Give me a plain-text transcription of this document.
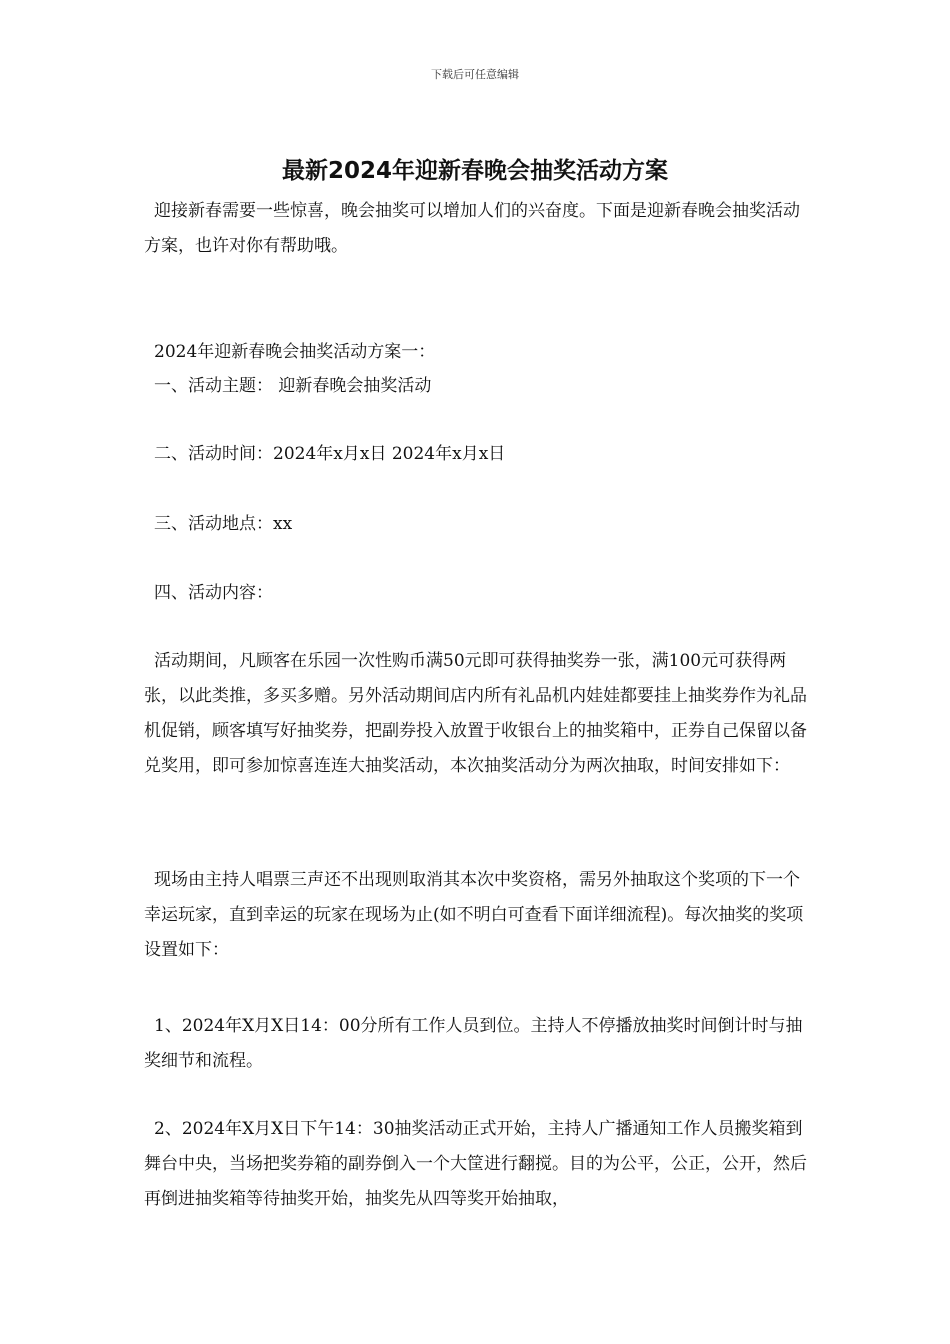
下载后可任意编辑
最新2024年迎新春晚会抽奖活动方案
迎接新春需要一些惊喜，晚会抽奖可以增加人们的兴奋度。下面是迎新春晚会抽奖活动方案，也许对你有帮助哦。
2024年迎新春晚会抽奖活动方案一：
一、活动主题： 迎新春晚会抽奖活动
二、活动时间：2024年x月x日 2024年x月x日
三、活动地点：xx
四、活动内容：
活动期间，凡顾客在乐园一次性购币满50元即可获得抽奖券一张，满100元可获得两张，以此类推，多买多赠。另外活动期间店内所有礼品机内娃娃都要挂上抽奖券作为礼品机促销，顾客填写好抽奖券，把副券投入放置于收银台上的抽奖箱中，正券自己保留以备兑奖用，即可参加惊喜连连大抽奖活动，本次抽奖活动分为两次抽取，时间安排如下：
现场由主持人唱票三声还不出现则取消其本次中奖资格，需另外抽取这个奖项的下一个幸运玩家，直到幸运的玩家在现场为止(如不明白可查看下面详细流程)。每次抽奖的奖项设置如下：
1、2024年X月X日14：00分所有工作人员到位。主持人不停播放抽奖时间倒计时与抽奖细节和流程。
2、2024年X月X日下午14：30抽奖活动正式开始，主持人广播通知工作人员搬奖箱到舞台中央，当场把奖券箱的副券倒入一个大筐进行翻搅。目的为公平，公正，公开，然后再倒进抽奖箱等待抽奖开始，抽奖先从四等奖开始抽取，
